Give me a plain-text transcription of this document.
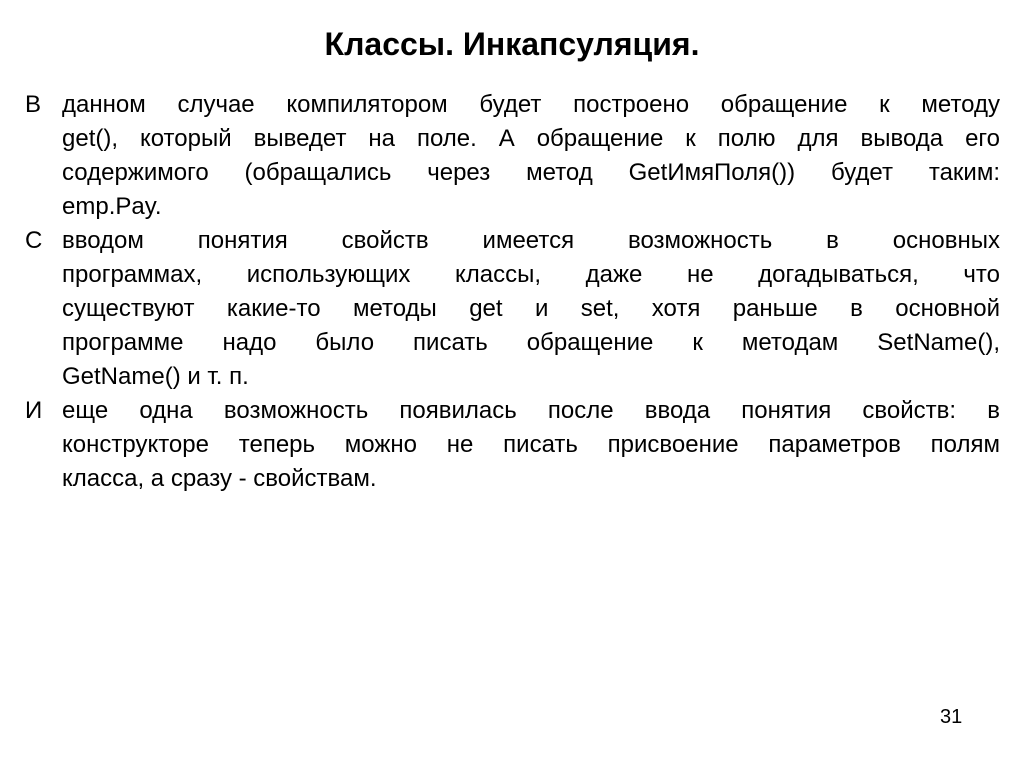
Классы. Инкапсуляция.
В данном случае компилятором будет построено обращение к методу
get(), который выведет на поле. А обращение к полю для вывода его
содержимого (обращались через метод GetИмяПоля()) будет таким:
emp.Pay.
С вводом понятия свойств имеется возможность в основных
программах, использующих классы, даже не догадываться, что
существуют какие-то методы get и set, хотя раньше в основной
программе надо было писать обращение к методам SetName(),
GetName() и т. п.
И еще одна возможность появилась после ввода понятия свойств: в
конструкторе теперь можно не писать присвоение параметров полям
класса, а сразу - свойствам.
31
